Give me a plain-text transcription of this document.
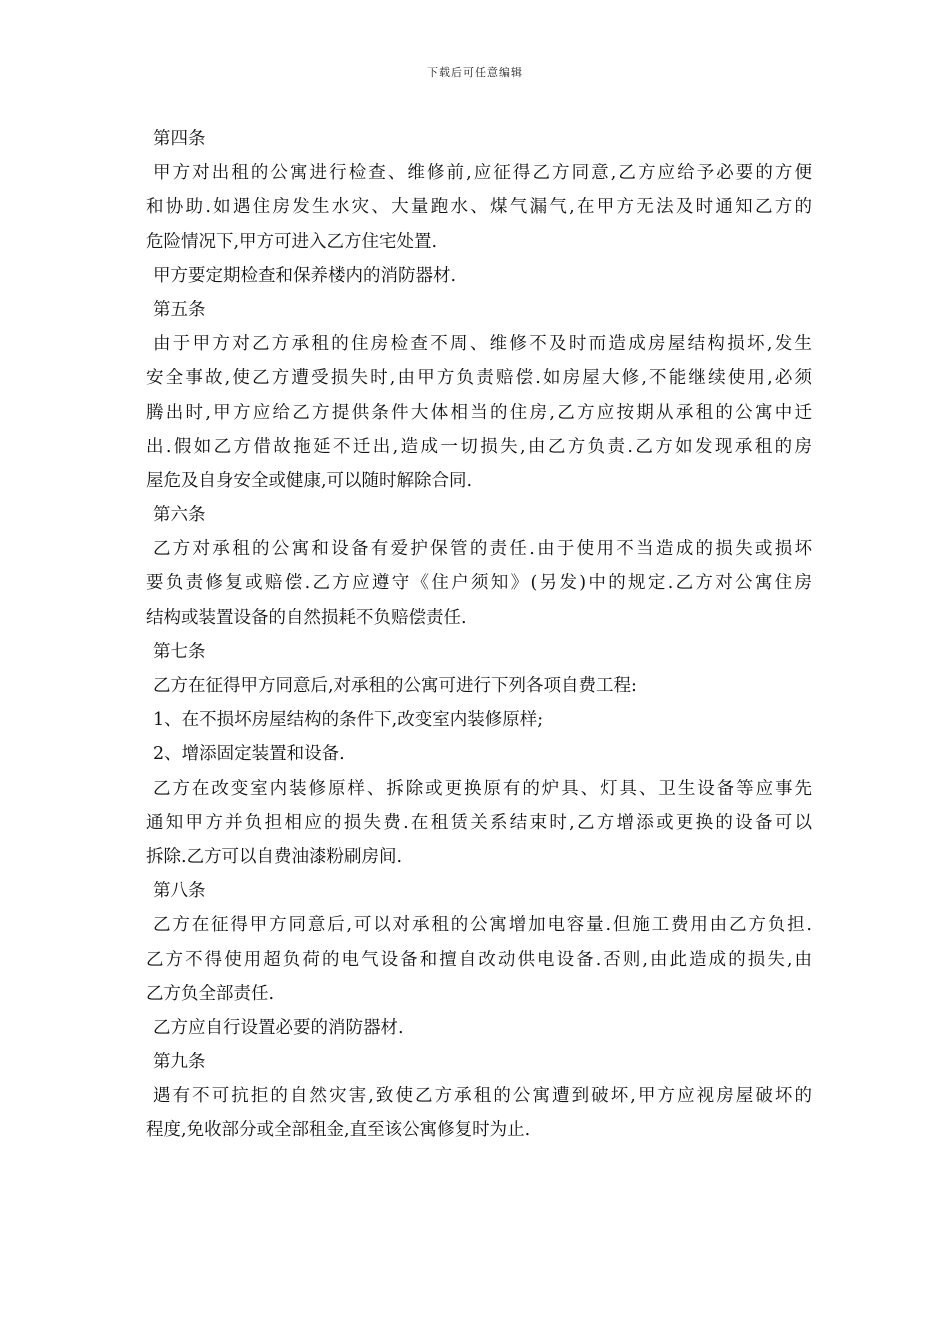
下载后可任意编辑
第四条
甲方对出租的公寓进行检查、维修前,应征得乙方同意,乙方应给予必要的方便
和协助.如遇住房发生水灾、大量跑水、煤气漏气,在甲方无法及时通知乙方的
危险情况下,甲方可进入乙方住宅处置.
甲方要定期检查和保养楼内的消防器材.
第五条
由于甲方对乙方承租的住房检查不周、维修不及时而造成房屋结构损坏,发生
安全事故,使乙方遭受损失时,由甲方负责赔偿.如房屋大修,不能继续使用,必须
腾出时,甲方应给乙方提供条件大体相当的住房,乙方应按期从承租的公寓中迁
出.假如乙方借故拖延不迁出,造成一切损失,由乙方负责.乙方如发现承租的房
屋危及自身安全或健康,可以随时解除合同.
第六条
乙方对承租的公寓和设备有爱护保管的责任.由于使用不当造成的损失或损坏
要负责修复或赔偿.乙方应遵守《住户须知》(另发)中的规定.乙方对公寓住房
结构或装置设备的自然损耗不负赔偿责任.
第七条
乙方在征得甲方同意后,对承租的公寓可进行下列各项自费工程:
1、在不损坏房屋结构的条件下,改变室内装修原样;
2、增添固定装置和设备.
乙方在改变室内装修原样、拆除或更换原有的炉具、灯具、卫生设备等应事先
通知甲方并负担相应的损失费.在租赁关系结束时,乙方增添或更换的设备可以
拆除.乙方可以自费油漆粉刷房间.
第八条
乙方在征得甲方同意后,可以对承租的公寓增加电容量.但施工费用由乙方负担.
乙方不得使用超负荷的电气设备和擅自改动供电设备.否则,由此造成的损失,由
乙方负全部责任.
乙方应自行设置必要的消防器材.
第九条
遇有不可抗拒的自然灾害,致使乙方承租的公寓遭到破坏,甲方应视房屋破坏的
程度,免收部分或全部租金,直至该公寓修复时为止.
